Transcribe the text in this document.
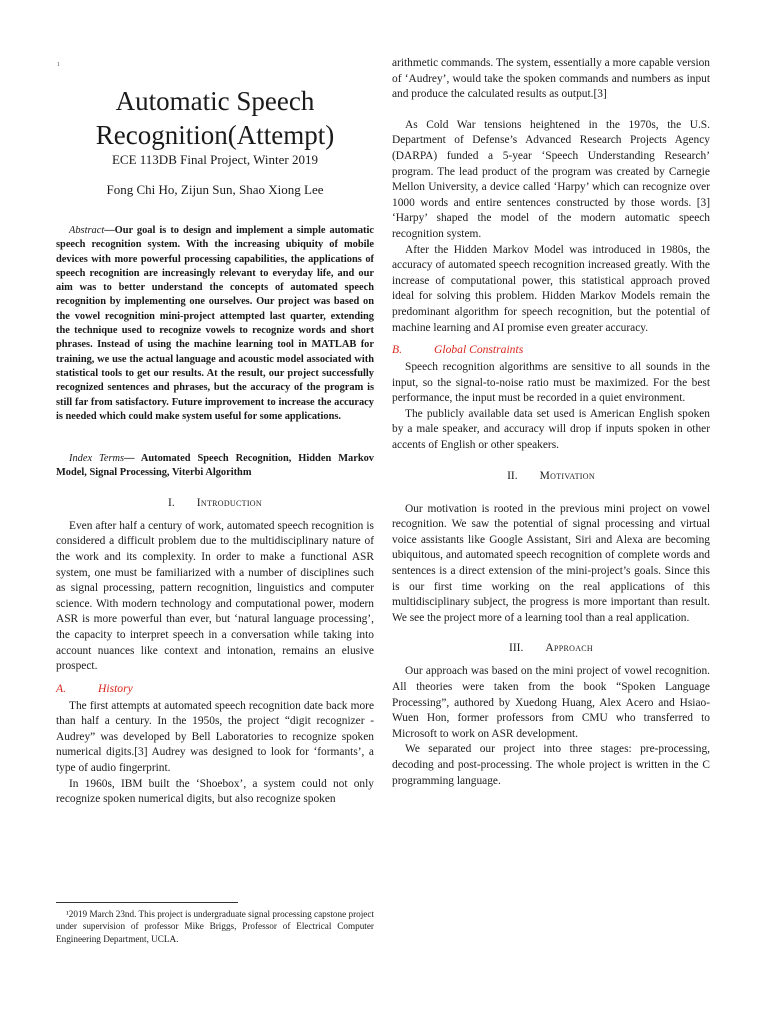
1
Automatic Speech Recognition(Attempt)
ECE 113DB Final Project, Winter 2019
Fong Chi Ho, Zijun Sun, Shao Xiong Lee

Abstract—Our goal is to design and implement a simple automatic speech recognition system. With the increasing ubiquity of mobile devices with more powerful processing capabilities, the applications of speech recognition are increasingly relevant to everyday life, and our aim was to better understand the concepts of automated speech recognition by implementing one ourselves. Our project was based on the vowel recognition mini-project attempted last quarter, extending the technique used to recognize vowels to recognize words and short phrases. Instead of using the machine learning tool in MATLAB for training, we use the actual language and acoustic model associated with statistical tools to get our results. At the result, our project successfully recognized sentences and phrases, but the accuracy of the program is still far from satisfactory. Future improvement to increase the accuracy is needed which could make system useful for some applications.

Index Terms— Automated Speech Recognition, Hidden Markov Model, Signal Processing, Viterbi Algorithm

I. Introduction

Even after half a century of work, automated speech recognition is considered a difficult problem due to the multidisciplinary nature of the work and its complexity. In order to make a functional ASR system, one must be familiarized with a number of disciplines such as signal processing, pattern recognition, linguistics and computer science. With modern technology and computational power, modern ASR is more powerful than ever, but ‘natural language processing’, the capacity to interpret speech in a conversation while taking into account nuances like context and intonation, remains an elusive prospect.

A.	History

The first attempts at automated speech recognition date back more than half a century. In the 1950s, the project “digit recognizer - Audrey” was developed by Bell Laboratories to recognize spoken numerical digits.[3] Audrey was designed to look for ‘formants’, a type of audio fingerprint.

In 1960s, IBM built the ‘Shoebox’, a system could not only recognize spoken numerical digits, but also recognize spoken

¹2019 March 23nd. This project is undergraduate signal processing capstone project under supervision of professor Mike Briggs, Professor of Electrical Computer Engineering Department, UCLA.

arithmetic commands. The system, essentially a more capable version of ‘Audrey’, would take the spoken commands and numbers as input and produce the calculated results as output.[3]

As Cold War tensions heightened in the 1970s, the U.S. Department of Defense’s Advanced Research Projects Agency (DARPA) funded a 5-year ‘Speech Understanding Research’ program. The lead product of the program was created by Carnegie Mellon University, a device called ‘Harpy’ which can recognize over 1000 words and entire sentences constructed by those words. [3] ‘Harpy’ shaped the model of the modern automatic speech recognition system.

After the Hidden Markov Model was introduced in 1980s, the accuracy of automated speech recognition increased greatly. With the increase of computational power, this statistical approach proved ideal for solving this problem. Hidden Markov Models remain the predominant algorithm for speech recognition, but the potential of machine learning and AI promise even greater accuracy.

B.	Global Constraints

Speech recognition algorithms are sensitive to all sounds in the input, so the signal-to-noise ratio must be maximized. For the best performance, the input must be recorded in a quiet environment.

The publicly available data set used is American English spoken by a male speaker, and accuracy will drop if inputs spoken in other accents of English or other speakers.

II. Motivation

Our motivation is rooted in the previous mini project on vowel recognition. We saw the potential of signal processing and virtual voice assistants like Google Assistant, Siri and Alexa are becoming ubiquitous, and automated speech recognition of complete words and sentences is a direct extension of the mini-project’s goals. Since this is our first time working on the real applications of this multidisciplinary subject, the progress is more important than result. We see the project more of a learning tool than a real application.

III. Approach

Our approach was based on the mini project of vowel recognition. All theories were taken from the book “Spoken Language Processing”, authored by Xuedong Huang, Alex Acero and Hsiao-Wuen Hon, former professors from CMU who transferred to Microsoft to work on ASR development.

We separated our project into three stages: pre-processing, decoding and post-processing. The whole project is written in the C programming language.
